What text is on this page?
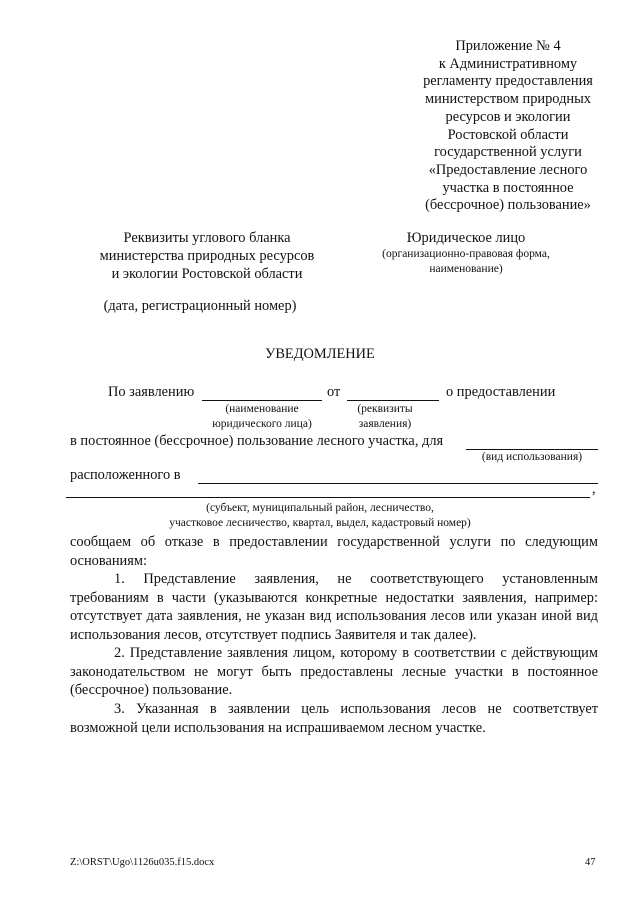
Приложение № 4
к Административному
регламенту предоставления
министерством природных
ресурсов и экологии
Ростовской области
государственной услуги
«Предоставление лесного
участка в постоянное
(бессрочное) пользование»
Реквизиты углового бланка
министерства природных ресурсов
и экологии Ростовской области
(дата, регистрационный номер)
Юридическое лицо
(организационно-правовая форма,
наименование)
УВЕДОМЛЕНИЕ
По заявлению	от	о предоставлении
(наименование
юридического лица)
(реквизиты
заявления)
в постоянное (бессрочное) пользование лесного участка, для
(вид использования)
расположенного в
,
(субъект, муниципальный район, лесничество,
участковое лесничество, квартал, выдел, кадастровый номер)
сообщаем об отказе в предоставлении государственной услуги по следующим основаниям:
1. Представление заявления, не соответствующего установленным требованиям в части (указываются конкретные недостатки заявления, например: отсутствует дата заявления, не указан вид использования лесов или указан иной вид использования лесов, отсутствует подпись Заявителя и так далее).
2. Представление заявления лицом, которому в соответствии с действующим законодательством не могут быть предоставлены лесные участки в постоянное (бессрочное) пользование.
3. Указанная в заявлении цель использования лесов не соответствует возможной цели использования на испрашиваемом лесном участке.
Z:\ORST\Ugo\1126u035.f15.docx	47
